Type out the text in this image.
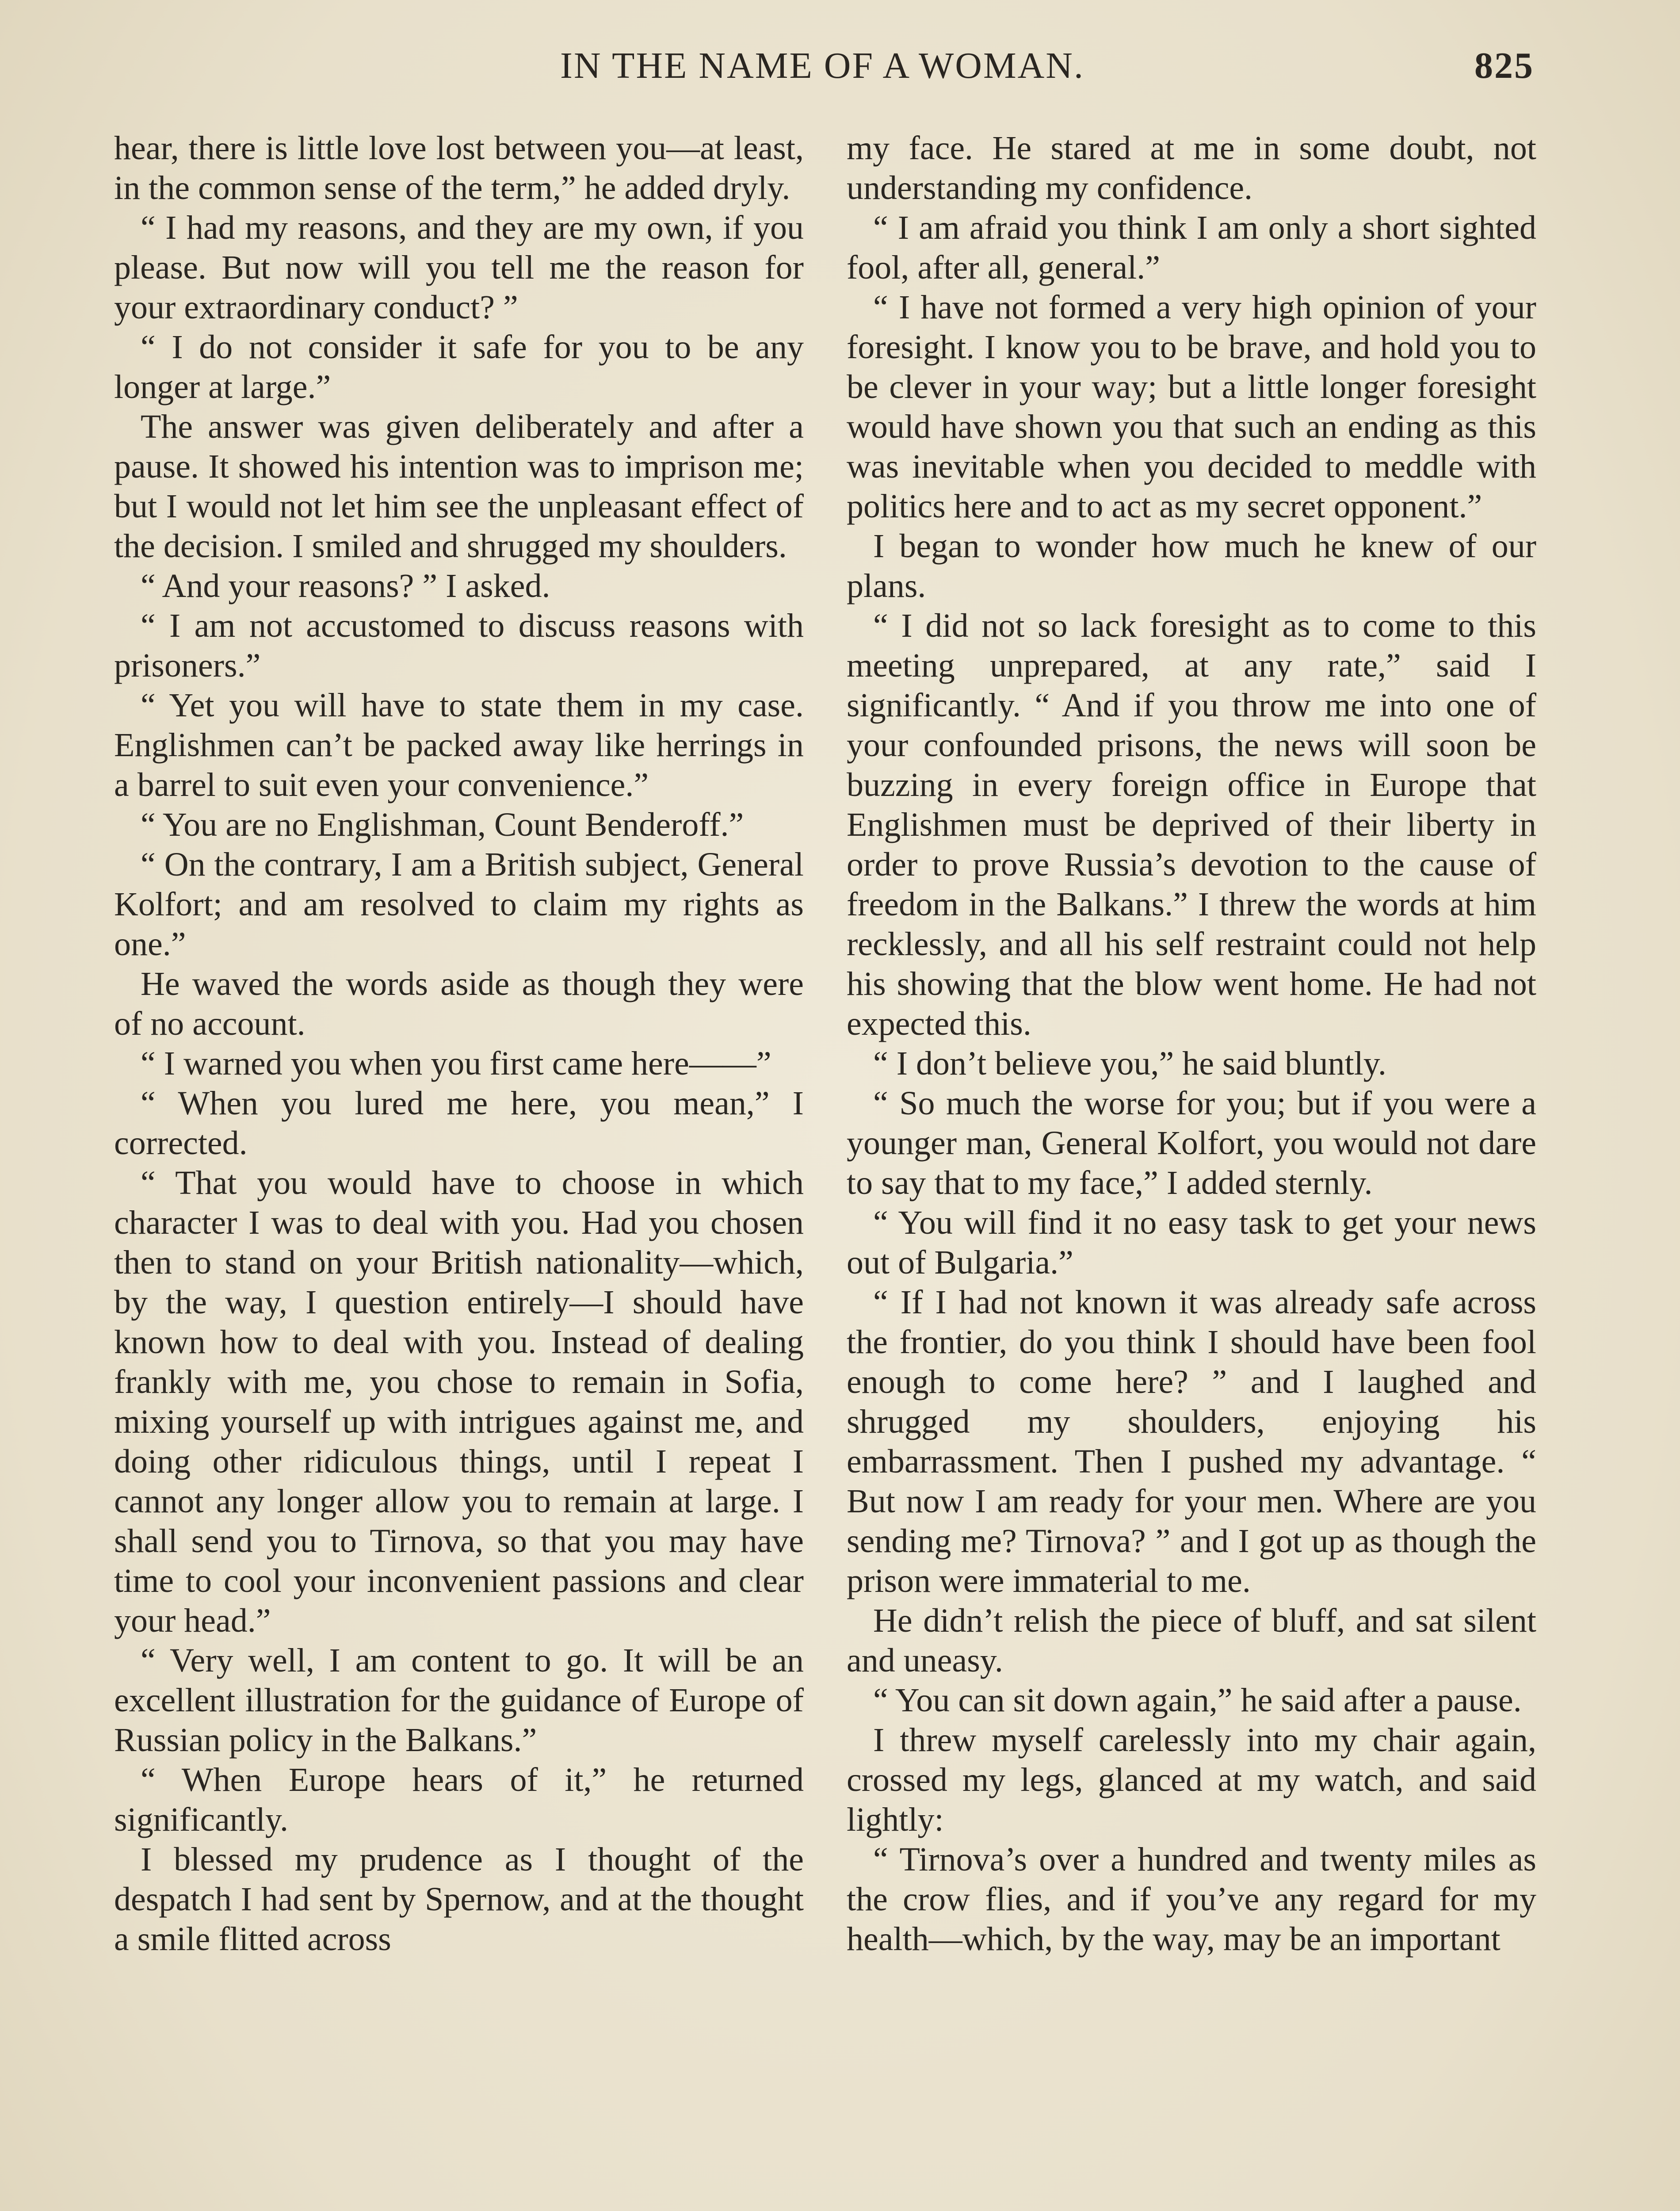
IN THE NAME OF A WOMAN.	825

hear, there is little love lost between you—at least, in the common sense of the term,” he added dryly.

“ I had my reasons, and they are my own, if you please. But now will you tell me the reason for your extraordinary conduct? ”

“ I do not consider it safe for you to be any longer at large.”

The answer was given deliberately and after a pause. It showed his intention was to imprison me; but I would not let him see the unpleasant effect of the decision. I smiled and shrugged my shoulders.

“ And your reasons? ” I asked.

“ I am not accustomed to discuss reasons with prisoners.”

“ Yet you will have to state them in my case. Englishmen can’t be packed away like herrings in a barrel to suit even your convenience.”

“ You are no Englishman, Count Benderoff.”

“ On the contrary, I am a British subject, General Kolfort; and am resolved to claim my rights as one.”

He waved the words aside as though they were of no account.

“ I warned you when you first came here——”

“ When you lured me here, you mean,” I corrected.

“ That you would have to choose in which character I was to deal with you. Had you chosen then to stand on your British nationality—which, by the way, I question entirely—I should have known how to deal with you. Instead of dealing frankly with me, you chose to remain in Sofia, mixing yourself up with intrigues against me, and doing other ridiculous things, until I repeat I cannot any longer allow you to remain at large. I shall send you to Tirnova, so that you may have time to cool your inconvenient passions and clear your head.”

“ Very well, I am content to go. It will be an excellent illustration for the guidance of Europe of Russian policy in the Balkans.”

“ When Europe hears of it,” he returned significantly.

I blessed my prudence as I thought of the despatch I had sent by Spernow, and at the thought a smile flitted across

my face. He stared at me in some doubt, not understanding my confidence.

“ I am afraid you think I am only a short sighted fool, after all, general.”

“ I have not formed a very high opinion of your foresight. I know you to be brave, and hold you to be clever in your way; but a little longer foresight would have shown you that such an ending as this was inevitable when you decided to meddle with politics here and to act as my secret opponent.”

I began to wonder how much he knew of our plans.

“ I did not so lack foresight as to come to this meeting unprepared, at any rate,” said I significantly. “ And if you throw me into one of your confounded prisons, the news will soon be buzzing in every foreign office in Europe that Englishmen must be deprived of their liberty in order to prove Russia’s devotion to the cause of freedom in the Balkans.” I threw the words at him recklessly, and all his self restraint could not help his showing that the blow went home. He had not expected this.

“ I don’t believe you,” he said bluntly.

“ So much the worse for you; but if you were a younger man, General Kolfort, you would not dare to say that to my face,” I added sternly.

“ You will find it no easy task to get your news out of Bulgaria.”

“ If I had not known it was already safe across the frontier, do you think I should have been fool enough to come here? ” and I laughed and shrugged my shoulders, enjoying his embarrassment. Then I pushed my advantage. “ But now I am ready for your men. Where are you sending me? Tirnova? ” and I got up as though the prison were immaterial to me.

He didn’t relish the piece of bluff, and sat silent and uneasy.

“ You can sit down again,” he said after a pause.

I threw myself carelessly into my chair again, crossed my legs, glanced at my watch, and said lightly:

“ Tirnova’s over a hundred and twenty miles as the crow flies, and if you’ve any regard for my health—which, by the way, may be an important
